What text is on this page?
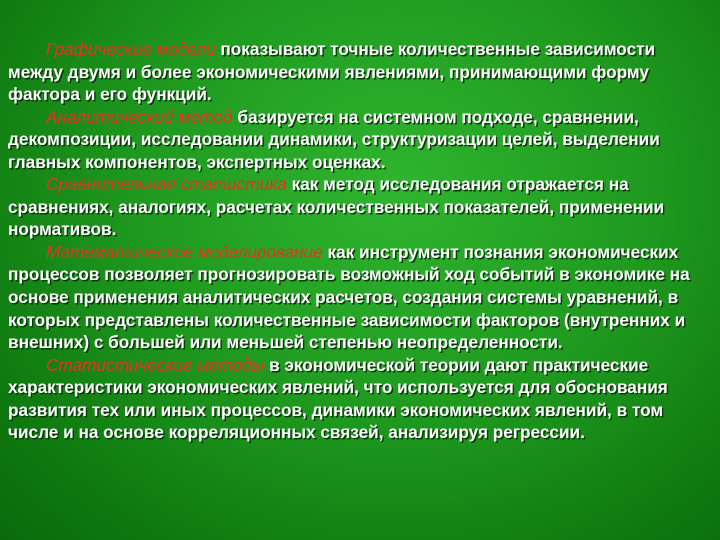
Графические модели показывают точные количественные зависимости между двумя и более экономическими явлениями, принимающими форму фактора и его функций.

Аналитический метод базируется на системном подходе, сравнении, декомпозиции, исследовании динамики, структуризации целей, выделении главных компонентов, экспертных оценках.

Сравнительная статистика как метод исследования отражается на сравнениях, аналогиях, расчетах количественных показателей, применении нормативов.

Математическое моделирование как инструмент познания экономических процессов позволяет прогнозировать возможный ход событий в экономике на основе применения аналитических расчетов, создания системы уравнений, в которых представлены количественные зависимости факторов (внутренних и внешних) с большей или меньшей степенью неопределенности.

Статистические методы в экономической теории дают практические характеристики экономических явлений, что используется для обоснования развития тех или иных процессов, динамики экономических явлений, в том числе и на основе корреляционных связей, анализируя регрессии.
